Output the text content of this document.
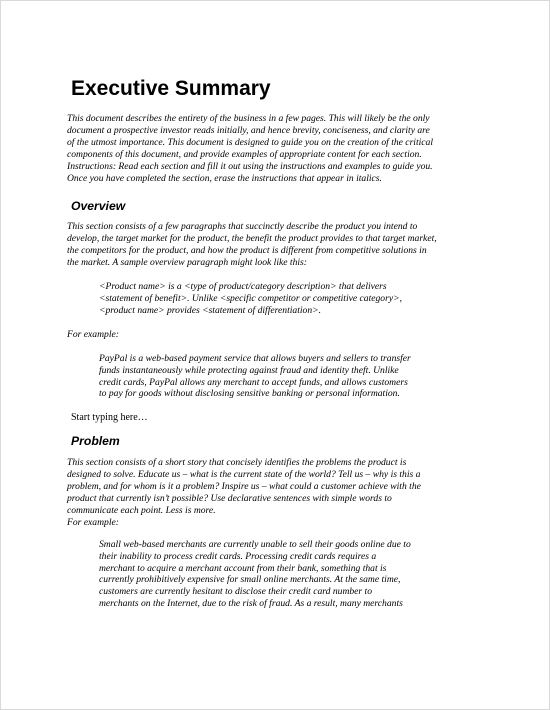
Executive Summary
This document describes the entirety of the business in a few pages. This will likely be the only
document a prospective investor reads initially, and hence brevity, conciseness, and clarity are
of the utmost importance. This document is designed to guide you on the creation of the critical
components of this document, and provide examples of appropriate content for each section.
Instructions: Read each section and fill it out using the instructions and examples to guide you.
Once you have completed the section, erase the instructions that appear in italics.
Overview
This section consists of a few paragraphs that succinctly describe the product you intend to
develop, the target market for the product, the benefit the product provides to that target market,
the competitors for the product, and how the product is different from competitive solutions in
the market. A sample overview paragraph might look like this:
<Product name> is a <type of product/category description> that delivers
<statement of benefit>. Unlike <specific competitor or competitive category>,
<product name> provides <statement of differentiation>.
For example:
PayPal is a web-based payment service that allows buyers and sellers to transfer
funds instantaneously while protecting against fraud and identity theft. Unlike
credit cards, PayPal allows any merchant to accept funds, and allows customers
to pay for goods without disclosing sensitive banking or personal information.
Start typing here…
Problem
This section consists of a short story that concisely identifies the problems the product is
designed to solve. Educate us – what is the current state of the world? Tell us – why is this a
problem, and for whom is it a problem? Inspire us – what could a customer achieve with the
product that currently isn’t possible? Use declarative sentences with simple words to
communicate each point. Less is more.
For example:
Small web-based merchants are currently unable to sell their goods online due to
their inability to process credit cards. Processing credit cards requires a
merchant to acquire a merchant account from their bank, something that is
currently prohibitively expensive for small online merchants. At the same time,
customers are currently hesitant to disclose their credit card number to
merchants on the Internet, due to the risk of fraud. As a result, many merchants
